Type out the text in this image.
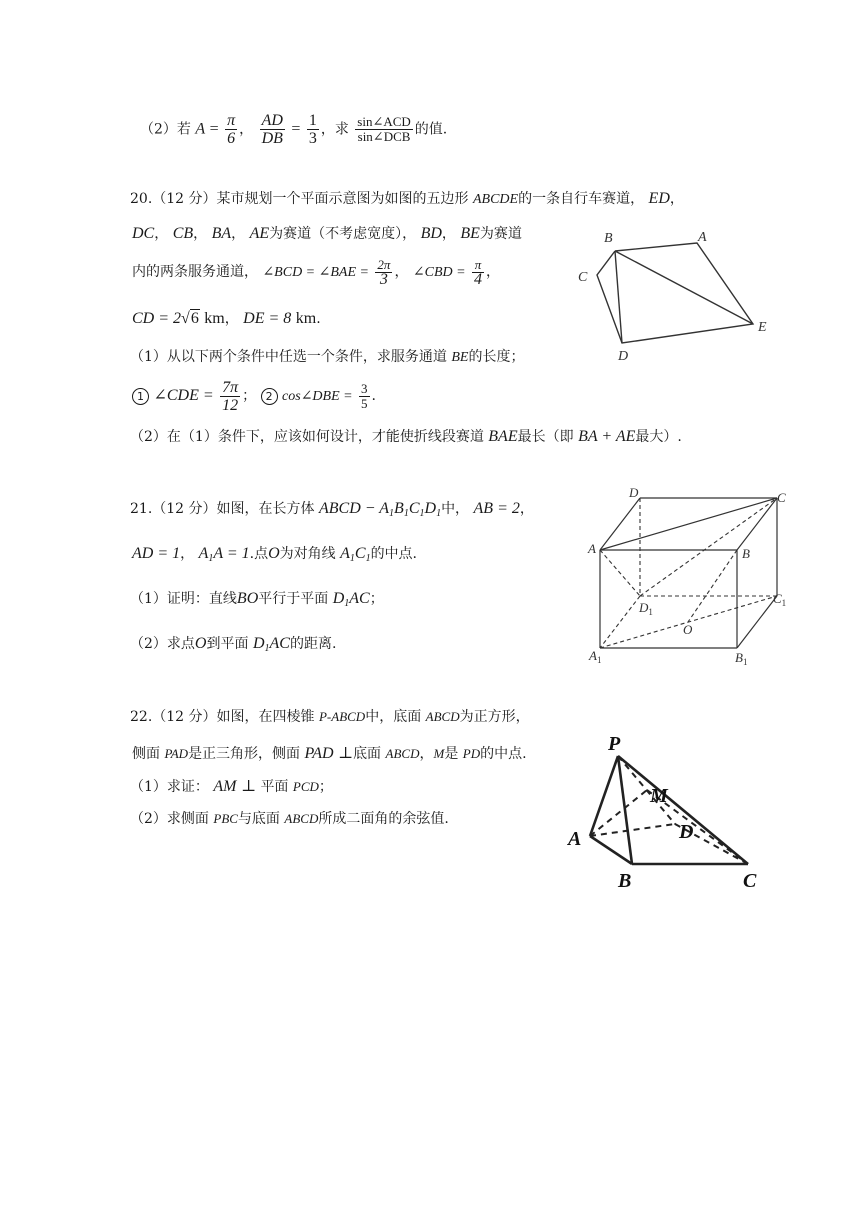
（2）若 $A = \frac{\pi}{6}$ ， $\frac{AD}{DB} = \frac{1}{3}$ ，求 $\frac{\text{sin∠ACD}}{\text{sin∠DCB}}$ 的值.
20.（12 分）某市规划一个平面示意图为如图的五边形 ABCDE的一条自行车赛道， ED，
DC， CB， BA， AE为赛道（不考虑宽度）， BD， BE为赛道
内的两条服务通道， ∠BCD = ∠BAE = $\frac{2\pi}{3}$ ， ∠CBD = $\frac{\pi}{4}$ ，
CD = 2√6 km， DE = 8 km.
（1）从以下两个条件中任选一个条件，求服务通道 BE的长度；
1 ∠CDE = $\frac{7\pi}{12}$ ； 2 cos∠DBE = $\frac{3}{5}$ .
（2）在（1）条件下，应该如何设计，才能使折线段赛道 BAE最长（即 BA + AE最大）.
B	A
C
E
D
21.（12 分）如图，在长方体 ABCD − $A_1B_1C_1D_1$中， AB = 2，
AD = 1， $A_1A = 1$.点O为对角线 $A_1C_1$的中点.
（1）证明：直线BO平行于平面 $D_1AC$；
（2）求点O到平面 $D_1AC$的距离.
D	C
A	B
$D_1$
$C_1$
O
$A_1$	$B_1$
22.（12 分）如图，在四棱锥 P-ABCD中，底面 ABCD为正方形，
侧面 PAD是正三角形，侧面 PAD ⊥底面 ABCD，M是 PD的中点.
（1）求证： AM ⊥ 平面 PCD；
（2）求侧面 PBC与底面 ABCD所成二面角的余弦值.
P
M
A	D
B	C
